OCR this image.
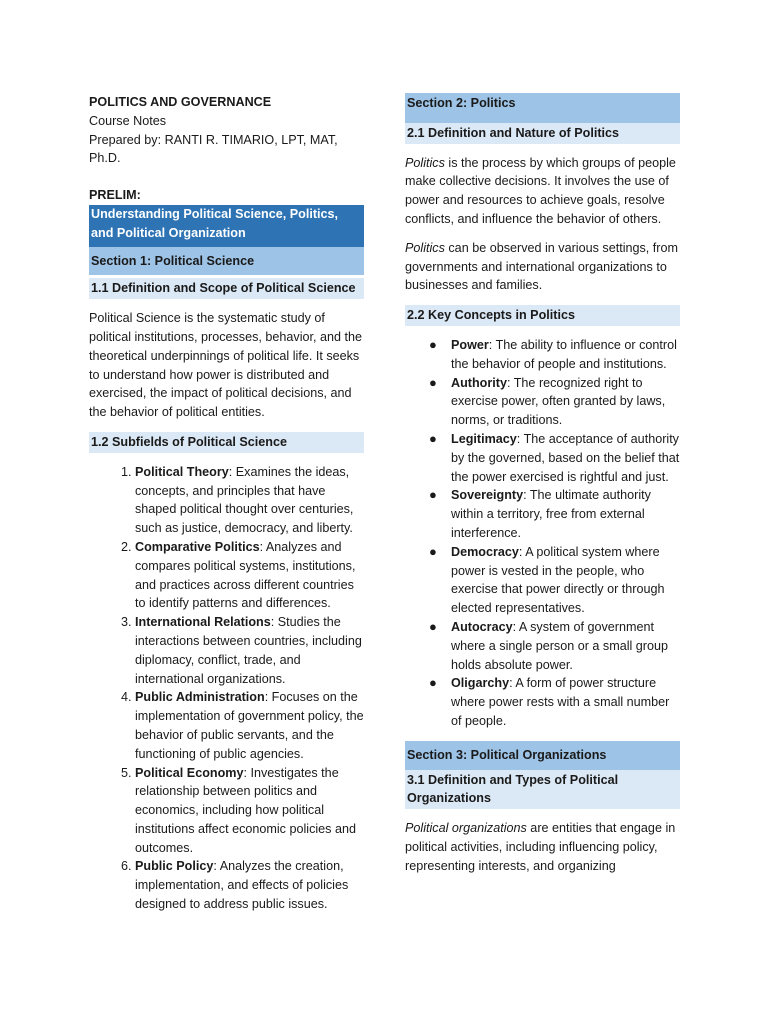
POLITICS AND GOVERNANCE

Course Notes

Prepared by: RANTI R. TIMARIO, LPT, MAT,

Ph.D.

PRELIM:

Understanding Political Science, Politics, and Political Organization
Section 1: Political Science
1.1 Definition and Scope of Political Science

Political Science is the systematic study of political institutions, processes, behavior, and the theoretical underpinnings of political life. It seeks to understand how power is distributed and exercised, the impact of political decisions, and the behavior of political entities.

1.2 Subfields of Political Science
1. Political Theory: Examines the ideas, concepts, and principles that have shaped political thought over centuries, such as justice, democracy, and liberty.
2. Comparative Politics: Analyzes and compares political systems, institutions, and practices across different countries to identify patterns and differences.
3. International Relations: Studies the interactions between countries, including diplomacy, conflict, trade, and international organizations.
4. Public Administration: Focuses on the implementation of government policy, the behavior of public servants, and the functioning of public agencies.
5. Political Economy: Investigates the relationship between politics and economics, including how political institutions affect economic policies and outcomes.
6. Public Policy: Analyzes the creation, implementation, and effects of policies designed to address public issues.
Section 2: Politics
2.1 Definition and Nature of Politics

Politics is the process by which groups of people make collective decisions. It involves the use of power and resources to achieve goals, resolve conflicts, and influence the behavior of others.

Politics can be observed in various settings, from governments and international organizations to businesses and families.

2.2 Key Concepts in Politics
● Power: The ability to influence or control the behavior of people and institutions.
● Authority: The recognized right to exercise power, often granted by laws, norms, or traditions.
● Legitimacy: The acceptance of authority by the governed, based on the belief that the power exercised is rightful and just.
● Sovereignty: The ultimate authority within a territory, free from external interference.
● Democracy: A political system where power is vested in the people, who exercise that power directly or through elected representatives.
● Autocracy: A system of government where a single person or a small group holds absolute power.
● Oligarchy: A form of power structure where power rests with a small number of people.
Section 3: Political Organizations
3.1 Definition and Types of Political Organizations

Political organizations are entities that engage in political activities, including influencing policy, representing interests, and organizing
